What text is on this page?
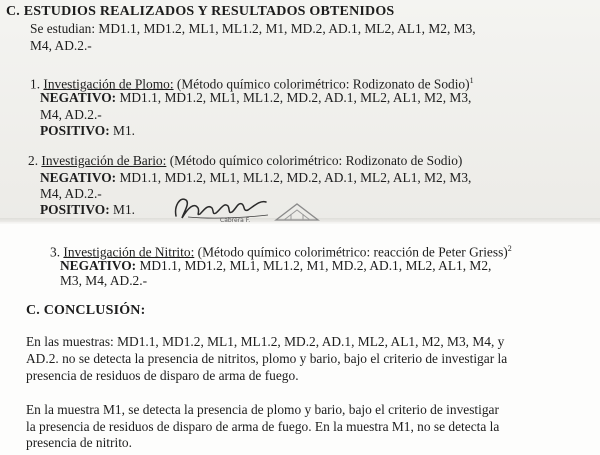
C. ESTUDIOS REALIZADOS Y RESULTADOS OBTENIDOS
Se estudian: MD1.1, MD1.2, ML1, ML1.2, M1, MD.2, AD.1, ML2, AL1, M2, M3,
M4, AD.2.-
1. Investigación de Plomo: (Método químico colorimétrico: Rodizonato de Sodio)$^1$
NEGATIVO: MD1.1, MD1.2, ML1, ML1.2, MD.2, AD.1, ML2, AL1, M2, M3,
M4, AD.2.-
POSITIVO: M1.
2. Investigación de Bario: (Método químico colorimétrico: Rodizonato de Sodio)
NEGATIVO: MD1.1, MD1.2, ML1, ML1.2, MD.2, AD.1, ML2, AL1, M2, M3,
M4, AD.2.-
POSITIVO: M1.
Cabrera F.
3. Investigación de Nitrito: (Método químico colorimétrico: reacción de Peter Griess)$^2$
NEGATIVO: MD1.1, MD1.2, ML1, ML1.2, M1, MD.2, AD.1, ML2, AL1, M2,
M3, M4, AD.2.-
C. CONCLUSIÓN:
En las muestras: MD1.1, MD1.2, ML1, ML1.2, MD.2, AD.1, ML2, AL1, M2, M3, M4, y
AD.2. no se detecta la presencia de nitritos, plomo y bario, bajo el criterio de investigar la
presencia de residuos de disparo de arma de fuego.
En la muestra M1, se detecta la presencia de plomo y bario, bajo el criterio de investigar
la presencia de residuos de disparo de arma de fuego. En la muestra M1, no se detecta la
presencia de nitrito.
